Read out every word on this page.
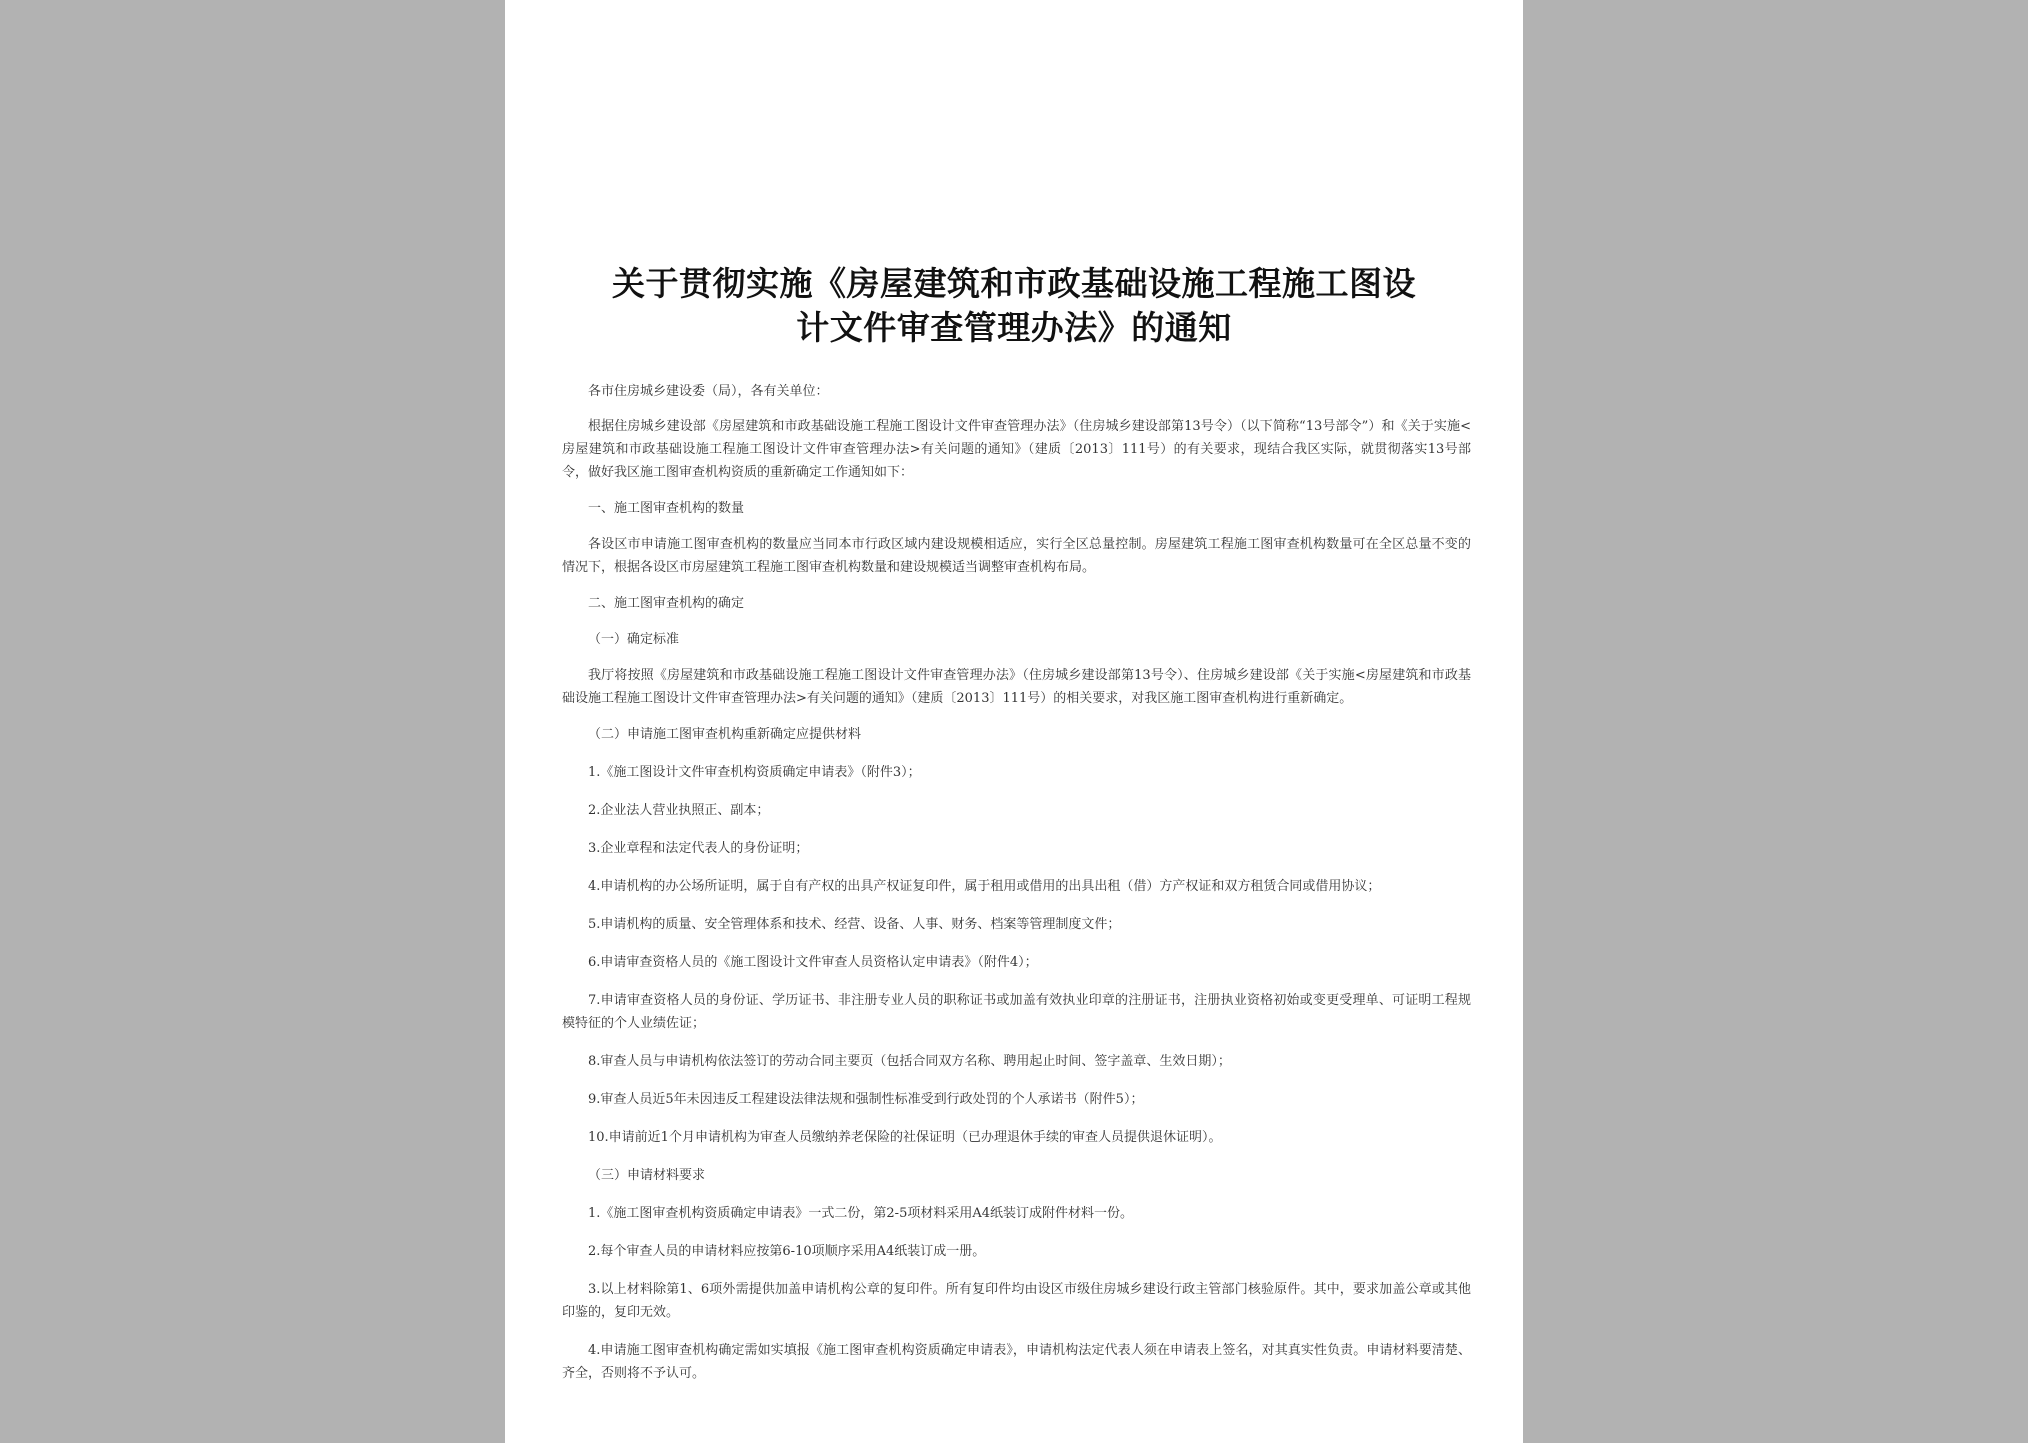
关于贯彻实施《房屋建筑和市政基础设施工程施工图设
计文件审查管理办法》的通知

各市住房城乡建设委（局），各有关单位：

根据住房城乡建设部《房屋建筑和市政基础设施工程施工图设计文件审查管理办法》（住房城乡建设部第13号令）（以下简称“13号部令”）和《关于实施<房屋建筑和市政基础设施工程施工图设计文件审查管理办法>有关问题的通知》（建质〔2013〕111号）的有关要求，现结合我区实际，就贯彻落实13号部令，做好我区施工图审查机构资质的重新确定工作通知如下：

一、施工图审查机构的数量

各设区市申请施工图审查机构的数量应当同本市行政区域内建设规模相适应，实行全区总量控制。房屋建筑工程施工图审查机构数量可在全区总量不变的情况下，根据各设区市房屋建筑工程施工图审查机构数量和建设规模适当调整审查机构布局。

二、施工图审查机构的确定

（一）确定标准

我厅将按照《房屋建筑和市政基础设施工程施工图设计文件审查管理办法》（住房城乡建设部第13号令）、住房城乡建设部《关于实施<房屋建筑和市政基础设施工程施工图设计文件审查管理办法>有关问题的通知》（建质〔2013〕111号）的相关要求，对我区施工图审查机构进行重新确定。

（二）申请施工图审查机构重新确定应提供材料

1.《施工图设计文件审查机构资质确定申请表》（附件3）；

2.企业法人营业执照正、副本；

3.企业章程和法定代表人的身份证明；

4.申请机构的办公场所证明，属于自有产权的出具产权证复印件，属于租用或借用的出具出租（借）方产权证和双方租赁合同或借用协议；

5.申请机构的质量、安全管理体系和技术、经营、设备、人事、财务、档案等管理制度文件；

6.申请审查资格人员的《施工图设计文件审查人员资格认定申请表》（附件4）；

7.申请审查资格人员的身份证、学历证书、非注册专业人员的职称证书或加盖有效执业印章的注册证书，注册执业资格初始或变更受理单、可证明工程规模特征的个人业绩佐证；

8.审查人员与申请机构依法签订的劳动合同主要页（包括合同双方名称、聘用起止时间、签字盖章、生效日期）；

9.审查人员近5年未因违反工程建设法律法规和强制性标准受到行政处罚的个人承诺书（附件5）；

10.申请前近1个月申请机构为审查人员缴纳养老保险的社保证明（已办理退休手续的审查人员提供退休证明）。

（三）申请材料要求

1.《施工图审查机构资质确定申请表》一式二份，第2-5项材料采用A4纸装订成附件材料一份。

2.每个审查人员的申请材料应按第6-10项顺序采用A4纸装订成一册。

3.以上材料除第1、6项外需提供加盖申请机构公章的复印件。所有复印件均由设区市级住房城乡建设行政主管部门核验原件。其中，要求加盖公章或其他印鉴的，复印无效。

4.申请施工图审查机构确定需如实填报《施工图审查机构资质确定申请表》，申请机构法定代表人须在申请表上签名，对其真实性负责。申请材料要清楚、齐全，否则将不予认可。
